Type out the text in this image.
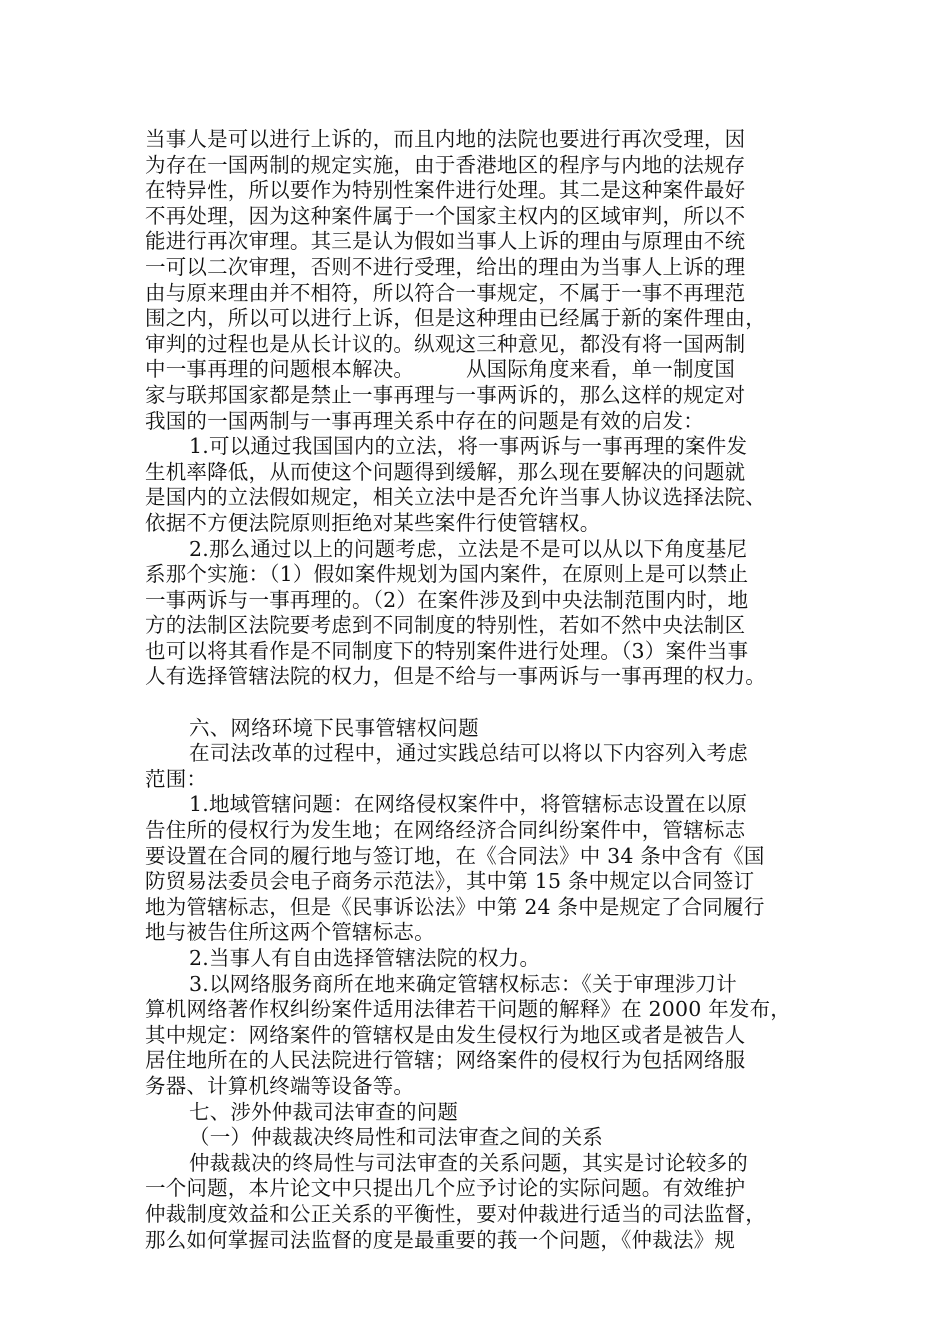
当事人是可以进行上诉的，而且内地的法院也要进行再次受理，因
为存在一国两制的规定实施，由于香港地区的程序与内地的法规存
在特异性，所以要作为特别性案件进行处理。其二是这种案件最好
不再处理，因为这种案件属于一个国家主权内的区域审判，所以不
能进行再次审理。其三是认为假如当事人上诉的理由与原理由不统
一可以二次审理，否则不进行受理，给出的理由为当事人上诉的理
由与原来理由并不相符，所以符合一事规定，不属于一事不再理范
围之内，所以可以进行上诉，但是这种理由已经属于新的案件理由，
审判的过程也是从长计议的。纵观这三种意见，都没有将一国两制
中一事再理的问题根本解决。　　　从国际角度来看，单一制度国
家与联邦国家都是禁止一事再理与一事两诉的，那么这样的规定对
我国的一国两制与一事再理关系中存在的问题是有效的启发：
1.可以通过我国国内的立法，将一事两诉与一事再理的案件发
生机率降低，从而使这个问题得到缓解，那么现在要解决的问题就
是国内的立法假如规定，相关立法中是否允许当事人协议选择法院、
依据不方便法院原则拒绝对某些案件行使管辖权。
2.那么通过以上的问题考虑，立法是不是可以从以下角度基尼
系那个实施：（1）假如案件规划为国内案件，在原则上是可以禁止
一事两诉与一事再理的。（2）在案件涉及到中央法制范围内时，地
方的法制区法院要考虑到不同制度的特别性，若如不然中央法制区
也可以将其看作是不同制度下的特别案件进行处理。（3）案件当事
人有选择管辖法院的权力，但是不给与一事两诉与一事再理的权力。
六、网络环境下民事管辖权问题
在司法改革的过程中，通过实践总结可以将以下内容列入考虑
范围：
1.地域管辖问题：在网络侵权案件中，将管辖标志设置在以原
告住所的侵权行为发生地；在网络经济合同纠纷案件中，管辖标志
要设置在合同的履行地与签订地，在《合同法》中 34 条中含有《国
防贸易法委员会电子商务示范法》，其中第 15 条中规定以合同签订
地为管辖标志，但是《民事诉讼法》中第 24 条中是规定了合同履行
地与被告住所这两个管辖标志。
2.当事人有自由选择管辖法院的权力。
3.以网络服务商所在地来确定管辖权标志：《关于审理涉刀计
算机网络著作权纠纷案件适用法律若干问题的解释》在 2000 年发布，
其中规定：网络案件的管辖权是由发生侵权行为地区或者是被告人
居住地所在的人民法院进行管辖；网络案件的侵权行为包括网络服
务器、计算机终端等设备等。
七、涉外仲裁司法审查的问题
（一）仲裁裁决终局性和司法审查之间的关系
仲裁裁决的终局性与司法审查的关系问题，其实是讨论较多的
一个问题，本片论文中只提出几个应予讨论的实际问题。有效维护
仲裁制度效益和公正关系的平衡性，要对仲裁进行适当的司法监督，
那么如何掌握司法监督的度是最重要的莪一个问题，《仲裁法》规
